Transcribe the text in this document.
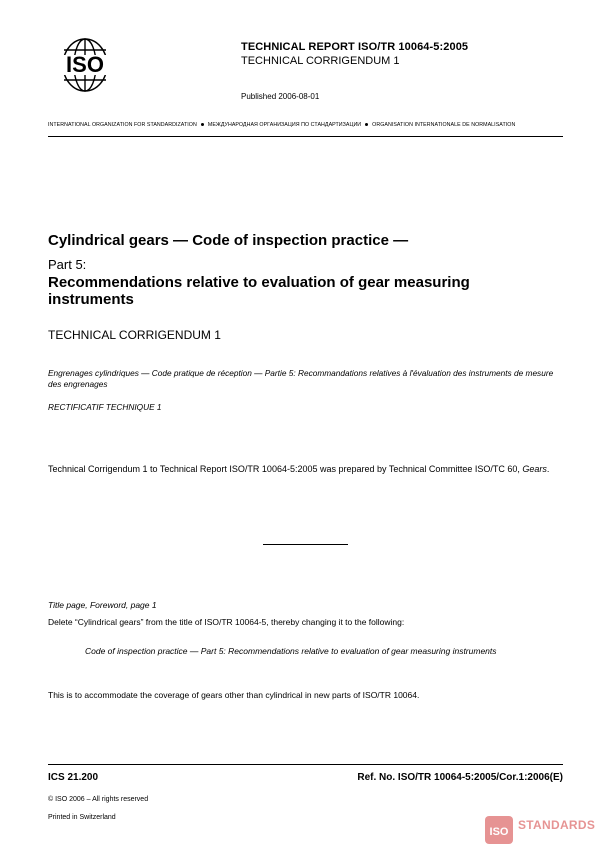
ISO
TECHNICAL REPORT ISO/TR 10064-5:2005
TECHNICAL CORRIGENDUM 1
Published 2006-08-01
INTERNATIONAL ORGANIZATION FOR STANDARDIZATION МЕЖДУНАРОДНАЯ ОРГАНИЗАЦИЯ ПО СТАНДАРТИЗАЦИИ ORGANISATION INTERNATIONALE DE NORMALISATION
Cylindrical gears — Code of inspection practice —
Part 5:
Recommendations relative to evaluation of gear measuring instruments
TECHNICAL CORRIGENDUM 1
Engrenages cylindriques — Code pratique de réception — Partie 5: Recommandations relatives à l'évaluation des instruments de mesure des engrenages
RECTIFICATIF TECHNIQUE 1
Technical Corrigendum 1 to Technical Report ISO/TR 10064-5:2005 was prepared by Technical Committee ISO/TC 60, Gears.
Title page, Foreword, page 1
Delete “Cylindrical gears” from the title of ISO/TR 10064-5, thereby changing it to the following:
Code of inspection practice — Part 5: Recommendations relative to evaluation of gear measuring instruments
This is to accommodate the coverage of gears other than cylindrical in new parts of ISO/TR 10064.
ICS 21.200	Ref. No. ISO/TR 10064-5:2005/Cor.1:2006(E)
© ISO 2006 – All rights reserved
Printed in Switzerland
ISO STANDARDS
